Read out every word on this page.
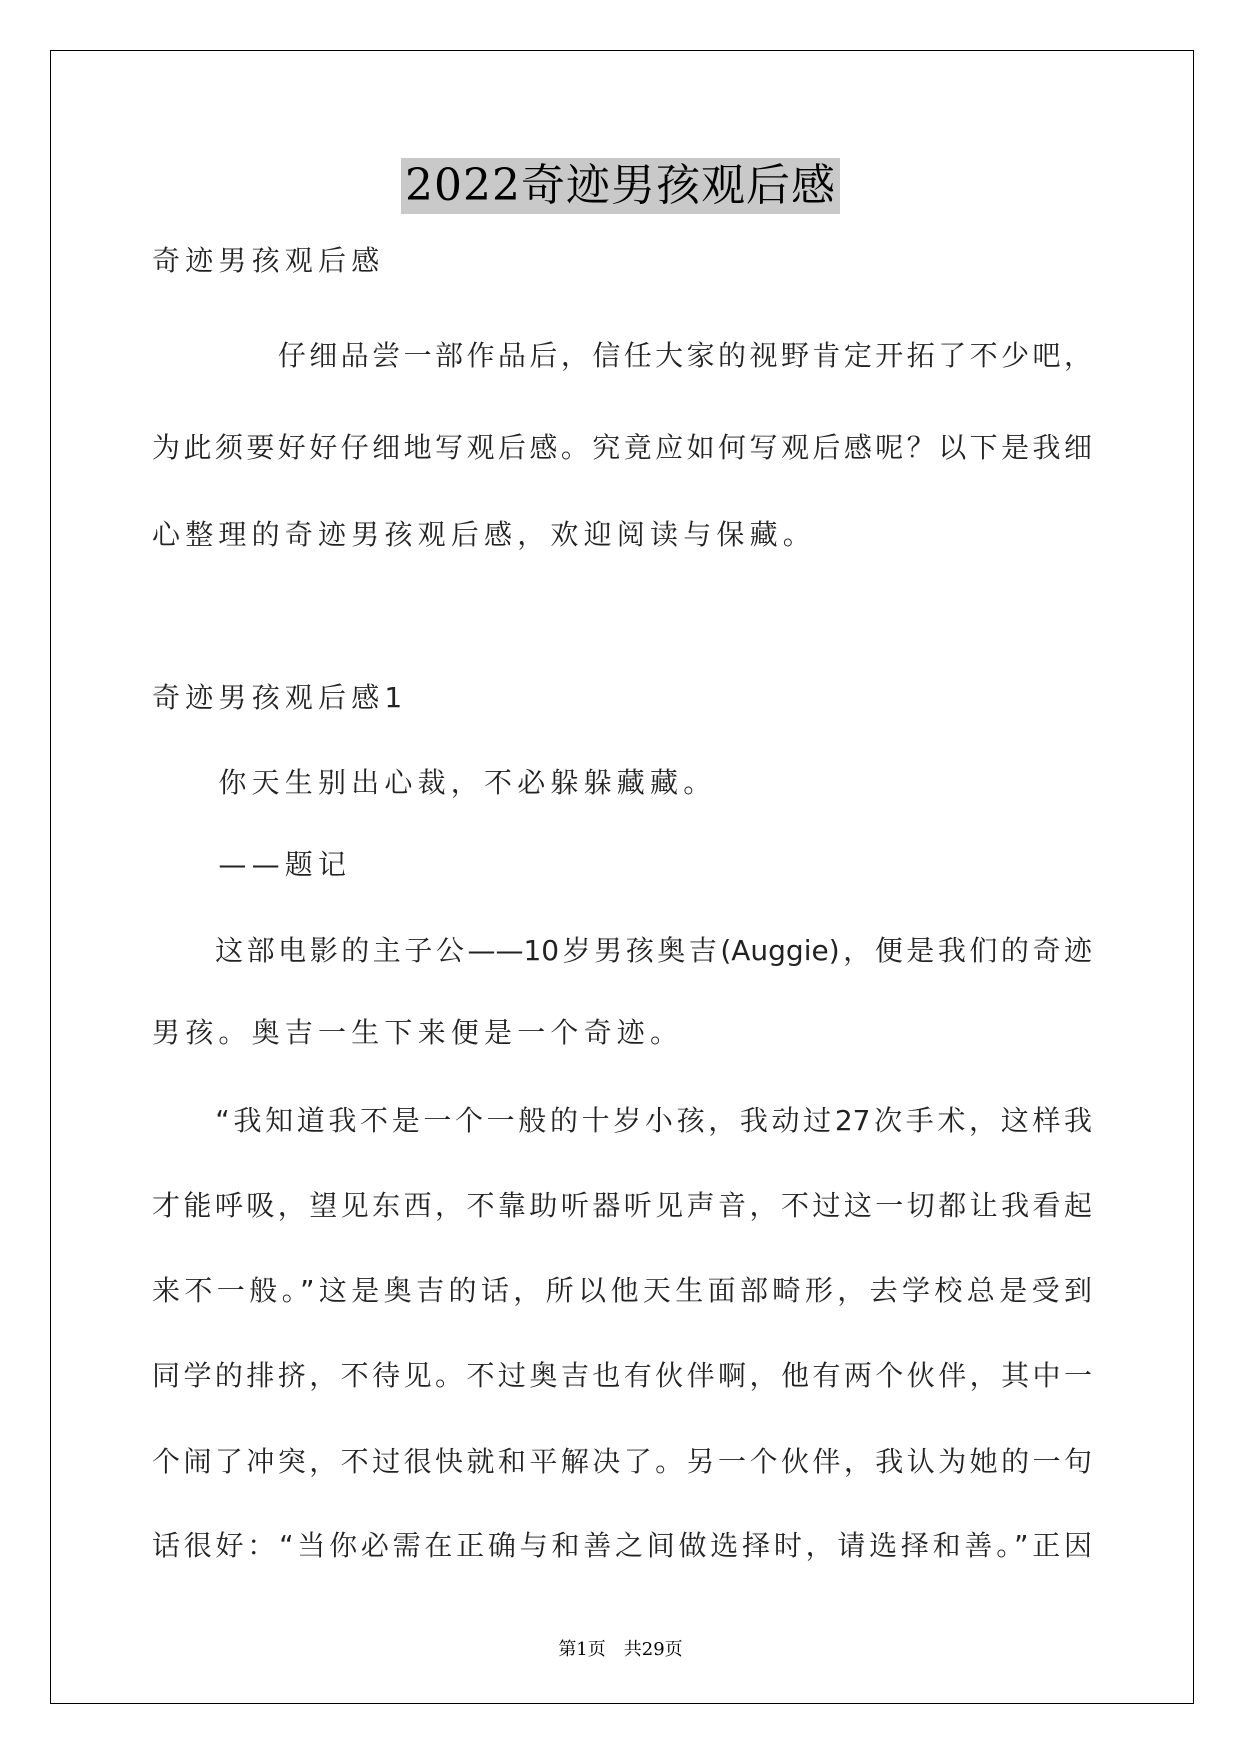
2022奇迹男孩观后感
奇迹男孩观后感
　　　　仔细品尝一部作品后，信任大家的视野肯定开拓了不少吧，
为此须要好好仔细地写观后感。究竟应如何写观后感呢？以下是我细
心整理的奇迹男孩观后感，欢迎阅读与保藏。
奇迹男孩观后感1
　　你天生别出心裁，不必躲躲藏藏。
　　——题记
　　这部电影的主子公——10岁男孩奥吉(Auggie)，便是我们的奇迹
男孩。奥吉一生下来便是一个奇迹。
　　“我知道我不是一个一般的十岁小孩，我动过27次手术，这样我
才能呼吸，望见东西，不靠助听器听见声音，不过这一切都让我看起
来不一般。”这是奥吉的话，所以他天生面部畸形，去学校总是受到
同学的排挤，不待见。不过奥吉也有伙伴啊，他有两个伙伴，其中一
个闹了冲突，不过很快就和平解决了。另一个伙伴，我认为她的一句
话很好：“当你必需在正确与和善之间做选择时，请选择和善。”正因
第1页　共29页
